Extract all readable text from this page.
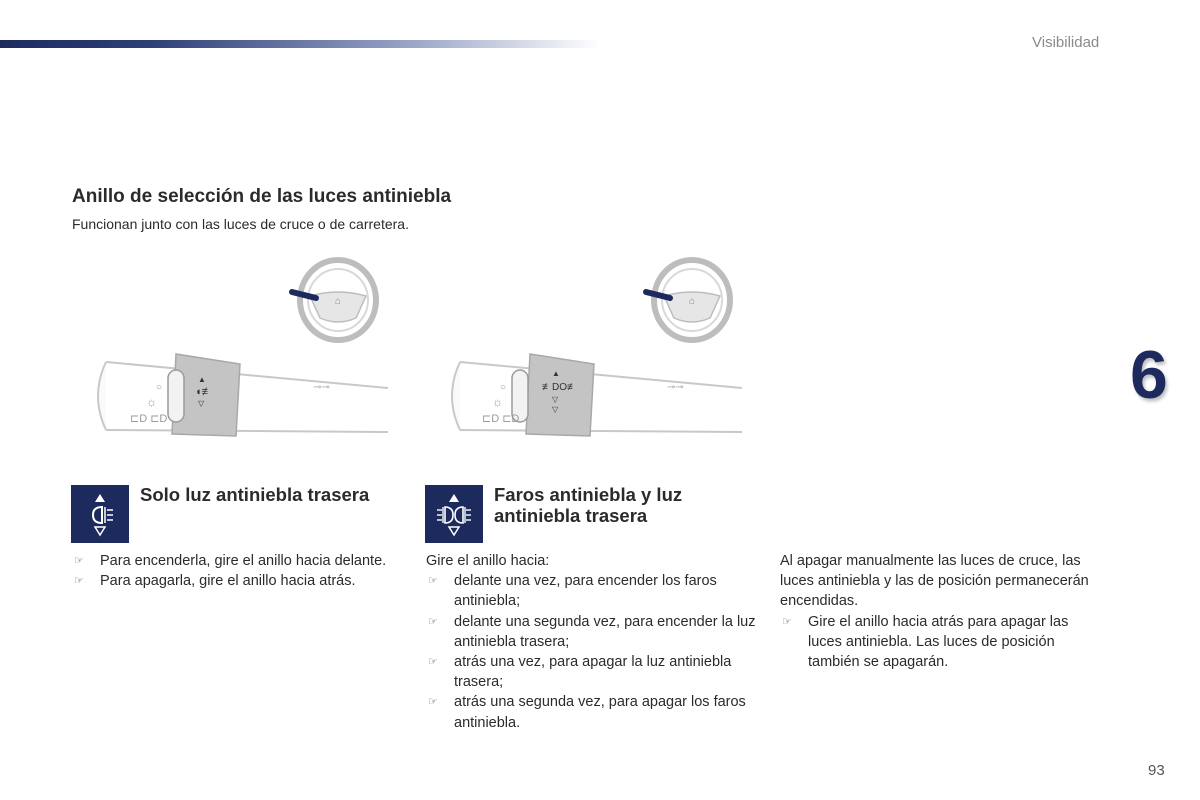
Visibilidad
Anillo de selección de las luces antiniebla
Funcionan junto con las luces de cruce o de carretera.
⌂
○
☼
⊏D ⊏D
▲
◖≢
▽
⊸⊸
⌂
○
☼
⊏D ⊏D
▲
≢DO≢
▽
▽
⊸⊸	6
Solo luz antiniebla trasera
☞ Para encenderla, gire el anillo hacia delante.
☞ Para apagarla, gire el anillo hacia atrás.
Faros antiniebla y luz antiniebla trasera

Gire el anillo hacia:

☞ delante una vez, para encender los faros antiniebla;
☞ delante una segunda vez, para encender la luz antiniebla trasera;
☞ atrás una vez, para apagar la luz antiniebla trasera;
☞ atrás una segunda vez, para apagar los faros antiniebla.

Al apagar manualmente las luces de cruce, las luces antiniebla y las de posición permanecerán encendidas.

☞ Gire el anillo hacia atrás para apagar las luces antiniebla. Las luces de posición también se apagarán.
93
